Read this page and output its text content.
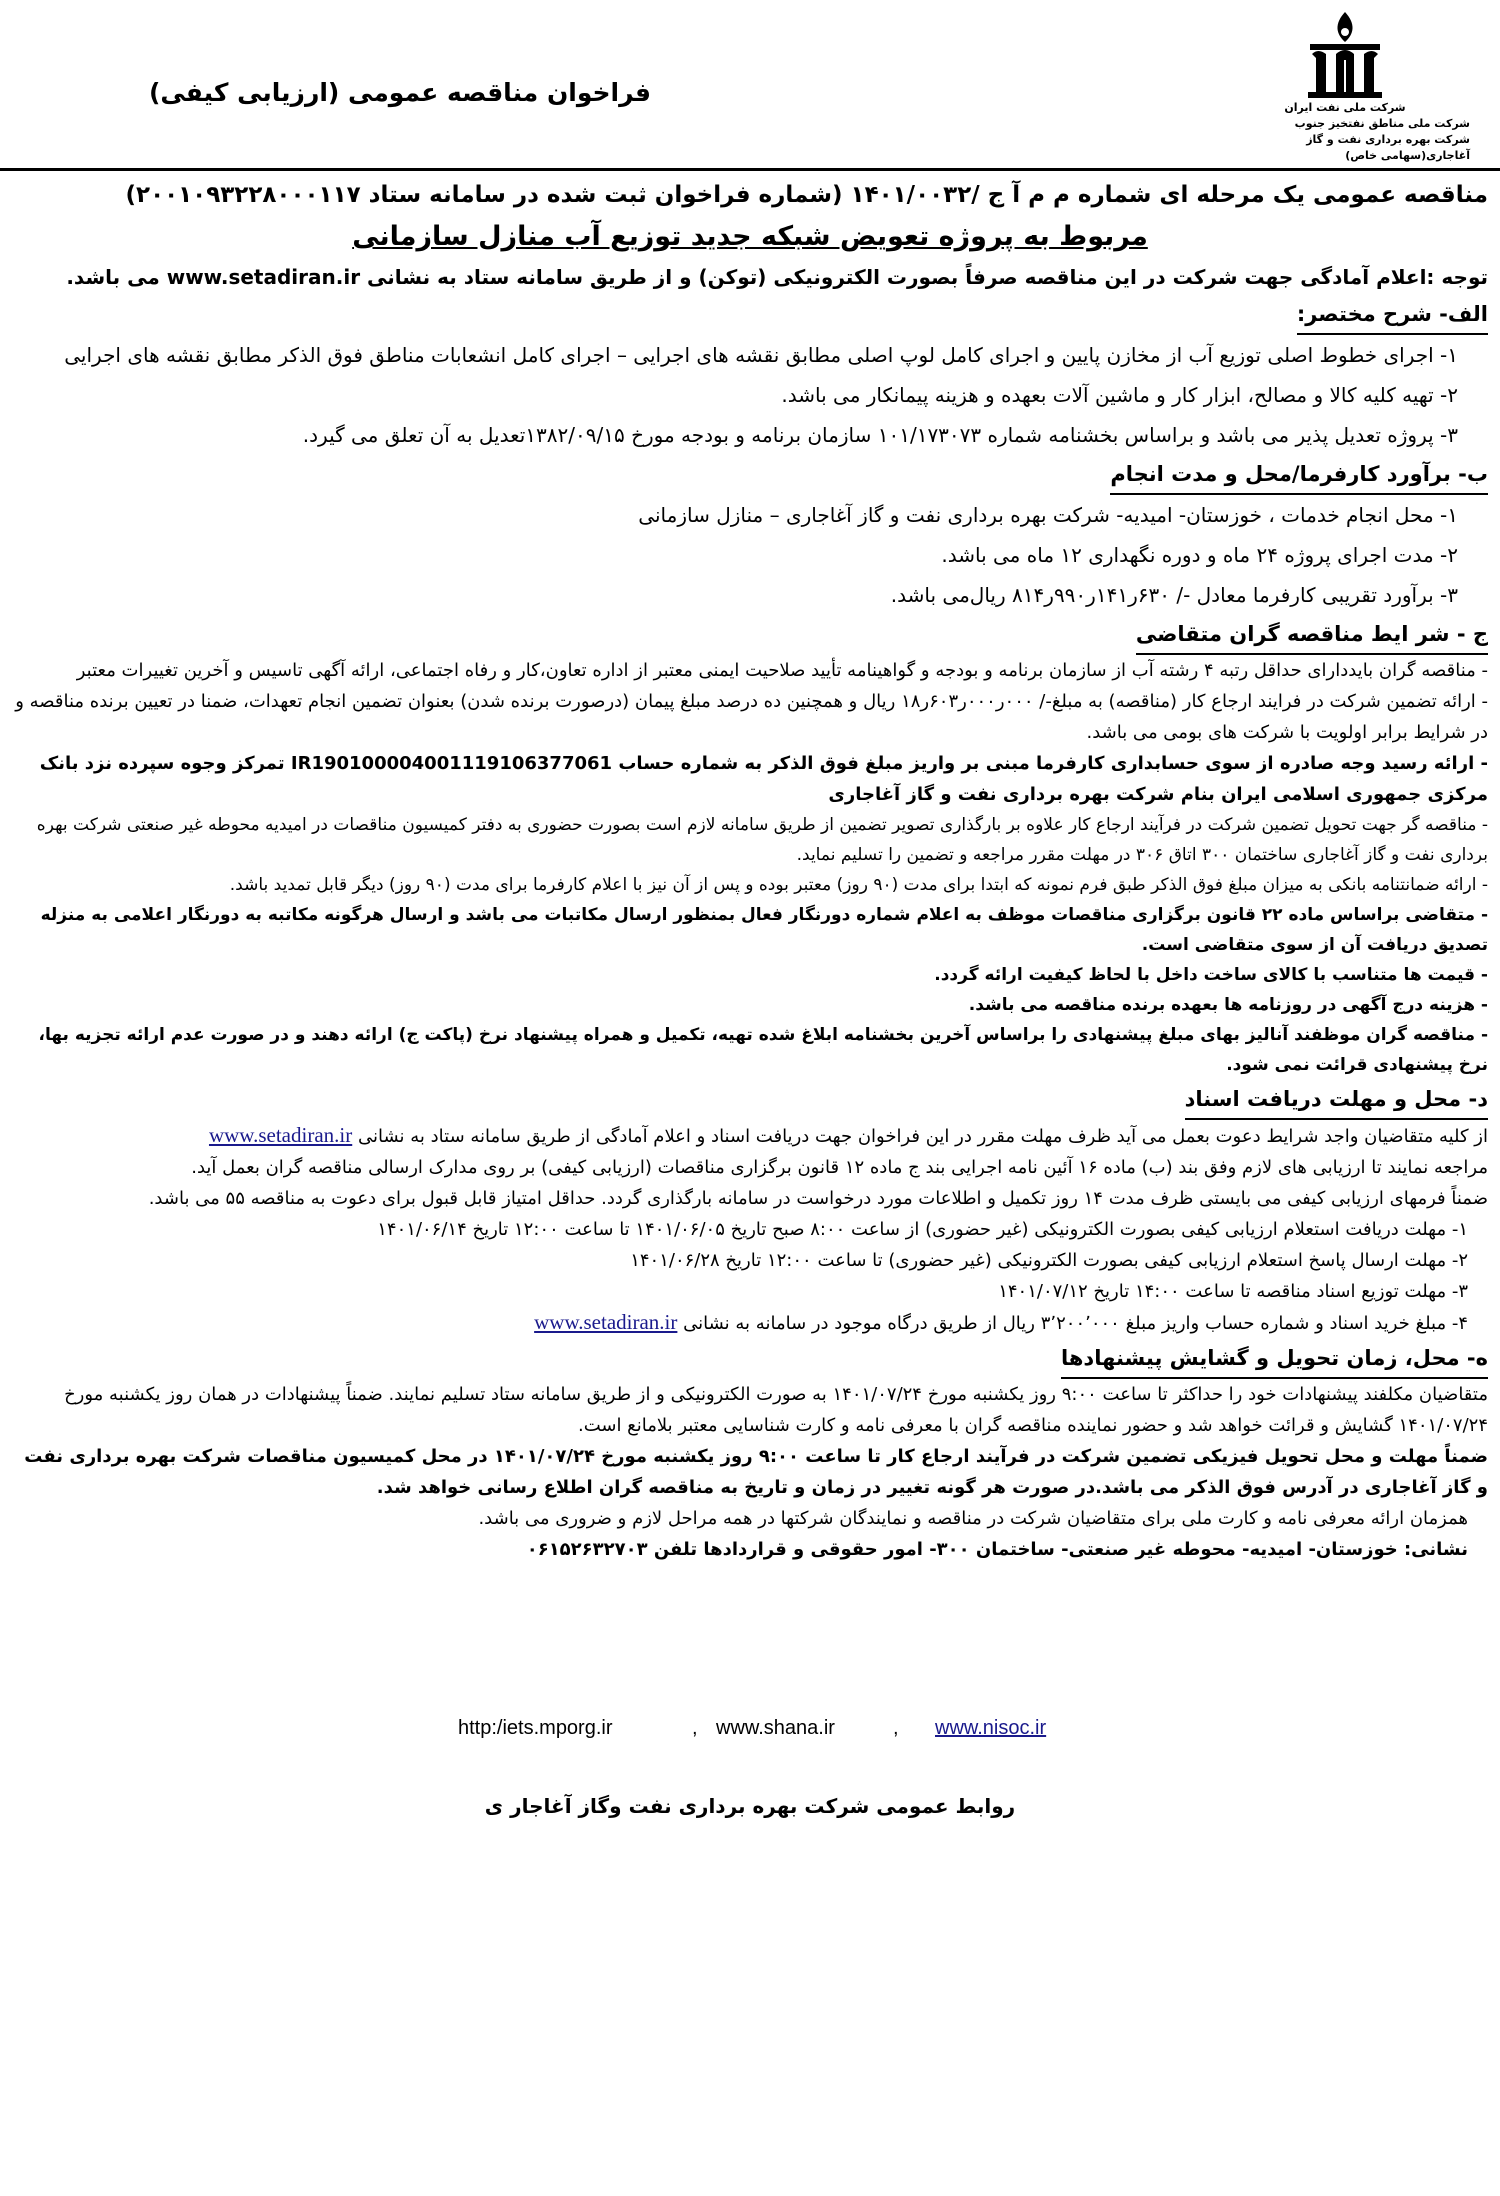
فراخوان مناقصه عمومی (ارزیابی کیفی)
شرکت ملی نفت ایران
شرکت ملی مناطق نفتخیز جنوب
شرکت بهره برداری نفت و گاز آغاجاری(سهامی خاص)

مناقصه عمومی یک مرحله ای شماره م م آ ج /۱۴۰۱/۰۰۳۲ (شماره فراخوان ثبت شده در سامانه ستاد ۲۰۰۱۰۹۳۲۲۸۰۰۰۱۱۷)

مربوط به پروژه تعویض شبکه جدید توزیع آب منازل سازمانی

توجه :اعلام آمادگی جهت شرکت در این مناقصه صرفاً بصورت الکترونیکی (توکن) و از طریق سامانه ستاد به نشانی www.setadiran.ir می باشد.

الف- شرح مختصر:

۱- اجرای خطوط اصلی توزیع آب از مخازن پایین و اجرای کامل لوپ اصلی مطابق نقشه های اجرایی – اجرای کامل انشعابات مناطق فوق الذکر مطابق نقشه های اجرایی

۲- تهیه کلیه کالا و مصالح، ابزار کار و ماشین آلات بعهده و هزینه پیمانکار می باشد.

۳- پروژه تعدیل پذیر می باشد و براساس بخشنامه شماره ۱۰۱/۱۷۳۰۷۳ سازمان برنامه و بودجه مورخ ۱۳۸۲/۰۹/۱۵تعدیل به آن تعلق می گیرد.

ب- برآورد کارفرما/محل و مدت انجام

۱- محل انجام خدمات ، خوزستان- امیدیه- شرکت بهره برداری نفت و گاز آغاجاری – منازل سازمانی

۲- مدت اجرای پروژه ۲۴ ماه و دوره نگهداری ۱۲ ماه می باشد.

۳- برآورد تقریبی کارفرما معادل -/ ۶۳۰ر۱۴۱ر۹۹۰ر۸۱۴ ریال‌می باشد.

ج - شر ایط مناقصه گران متقاضی

- مناقصه گران بایددارای حداقل رتبه ۴ رشته آب از سازمان برنامه و بودجه و گواهینامه تأیید صلاحیت ایمنی معتبر از اداره تعاون،کار و رفاه اجتماعی، ارائه آگهی تاسیس و آخرین تغییرات معتبر

- ارائه تضمین شرکت در فرایند ارجاع کار (مناقصه) به مبلغ-/ ۰۰۰ر۰۰۰ر۶۰۳ر۱۸ ریال و همچنین ده درصد مبلغ پیمان (درصورت برنده شدن) بعنوان تضمین انجام تعهدات، ضمنا در تعیین برنده مناقصه و در شرایط برابر اولویت با شرکت های بومی می باشد.

- ارائه رسید وجه صادره از سوی حسابداری کارفرما مبنی بر واریز مبلغ فوق الذکر به شماره حساب IR190100004001119106377061 تمرکز وجوه سپرده نزد بانک مرکزی جمهوری اسلامی ایران بنام شرکت بهره برداری نفت و گاز آغاجاری

- مناقصه گر جهت تحویل تضمین شرکت در فرآیند ارجاع کار علاوه بر بارگذاری تصویر تضمین از طریق سامانه لازم است بصورت حضوری به دفتر کمیسیون مناقصات در امیدیه محوطه غیر صنعتی شرکت بهره برداری نفت و گاز آغاجاری ساختمان ۳۰۰ اتاق ۳۰۶ در مهلت مقرر مراجعه و تضمین را تسلیم نماید.

- ارائه ضمانتنامه بانکی به میزان مبلغ فوق الذکر طبق فرم نمونه که ابتدا برای مدت (۹۰ روز) معتبر بوده و پس از آن نیز با اعلام کارفرما برای مدت (۹۰ روز) دیگر قابل تمدید باشد.

- متقاضی براساس ماده ۲۲ قانون برگزاری مناقصات موظف به اعلام شماره دورنگار فعال بمنظور ارسال مکاتبات می باشد و ارسال هرگونه مکاتبه به دورنگار اعلامی به منزله تصدیق دریافت آن از سوی متقاضی است.

- قیمت ها متناسب با کالای ساخت داخل با لحاظ کیفیت ارائه گردد.

- هزینه درج آگهی در روزنامه ها بعهده برنده مناقصه می باشد.

- مناقصه گران موظفند آنالیز بهای مبلغ پیشنهادی را براساس آخرین بخشنامه ابلاغ شده تهیه، تکمیل و همراه پیشنهاد نرخ (پاکت ج) ارائه دهند و در صورت عدم ارائه تجزیه بها، نرخ پیشنهادی قرائت نمی شود.

د- محل و مهلت دریافت اسناد

از کلیه متقاضیان واجد شرایط دعوت بعمل می آید ظرف مهلت مقرر در این فراخوان جهت دریافت اسناد و اعلام آمادگی از طریق سامانه ستاد به نشانی www.setadiran.ir

مراجعه نمایند تا ارزیابی های لازم وفق بند (ب) ماده ۱۶ آئین نامه اجرایی بند ج ماده ۱۲ قانون برگزاری مناقصات (ارزیابی کیفی) بر روی مدارک ارسالی مناقصه گران بعمل آید.

ضمناً فرمهای ارزیابی کیفی می بایستی ظرف مدت ۱۴ روز تکمیل و اطلاعات مورد درخواست در سامانه بارگذاری گردد. حداقل امتیاز قابل قبول برای دعوت به مناقصه ۵۵ می باشد.

۱- مهلت دریافت استعلام ارزیابی کیفی بصورت الکترونیکی (غیر حضوری) از ساعت ۸:۰۰ صبح تاریخ ۱۴۰۱/۰۶/۰۵ تا ساعت ۱۲:۰۰ تاریخ ۱۴۰۱/۰۶/۱۴

۲- مهلت ارسال پاسخ استعلام ارزیابی کیفی بصورت الکترونیکی (غیر حضوری) تا ساعت ۱۲:۰۰ تاریخ ۱۴۰۱/۰۶/۲۸

۳- مهلت توزیع اسناد مناقصه تا ساعت ۱۴:۰۰ تاریخ ۱۴۰۱/۰۷/۱۲

۴- مبلغ خرید اسناد و شماره حساب واریز مبلغ ۳٬۲۰۰٬۰۰۰ ریال از طریق درگاه موجود در سامانه به نشانی www.setadiran.ir

ه- محل، زمان تحویل و گشایش پیشنهادها

متقاضیان مکلفند پیشنهادات خود را حداکثر تا ساعت ۹:۰۰ روز یکشنبه مورخ ۱۴۰۱/۰۷/۲۴ به صورت الکترونیکی و از طریق سامانه ستاد تسلیم نمایند. ضمناً پیشنهادات در همان روز یکشنبه مورخ ۱۴۰۱/۰۷/۲۴ گشایش و قرائت خواهد شد و حضور نماینده مناقصه گران با معرفی نامه و کارت شناسایی معتبر بلامانع است.

ضمناً مهلت و محل تحویل فیزیکی تضمین شرکت در فرآیند ارجاع کار تا ساعت ۹:۰۰ روز یکشنبه مورخ ۱۴۰۱/۰۷/۲۴ در محل کمیسیون مناقصات شرکت بهره برداری نفت و گاز آغاجاری در آدرس فوق الذکر می باشد.در صورت هر گونه تغییر در زمان و تاریخ به مناقصه گران اطلاع رسانی خواهد شد.

همزمان ارائه معرفی نامه و کارت ملی برای متقاضیان شرکت در مناقصه و نمایندگان شرکتها در همه مراحل لازم و ضروری می باشد.

نشانی: خوزستان- امیدیه- محوطه غیر صنعتی- ساختمان ۳۰۰- امور حقوقی و قراردادها تلفن ۰۶۱۵۲۶۳۲۷۰۳

http:/iets.mporg.ir	, www.shana.ir	, www.nisoc.ir
روابط عمومی شرکت بهره برداری نفت وگاز آغاجار ی
